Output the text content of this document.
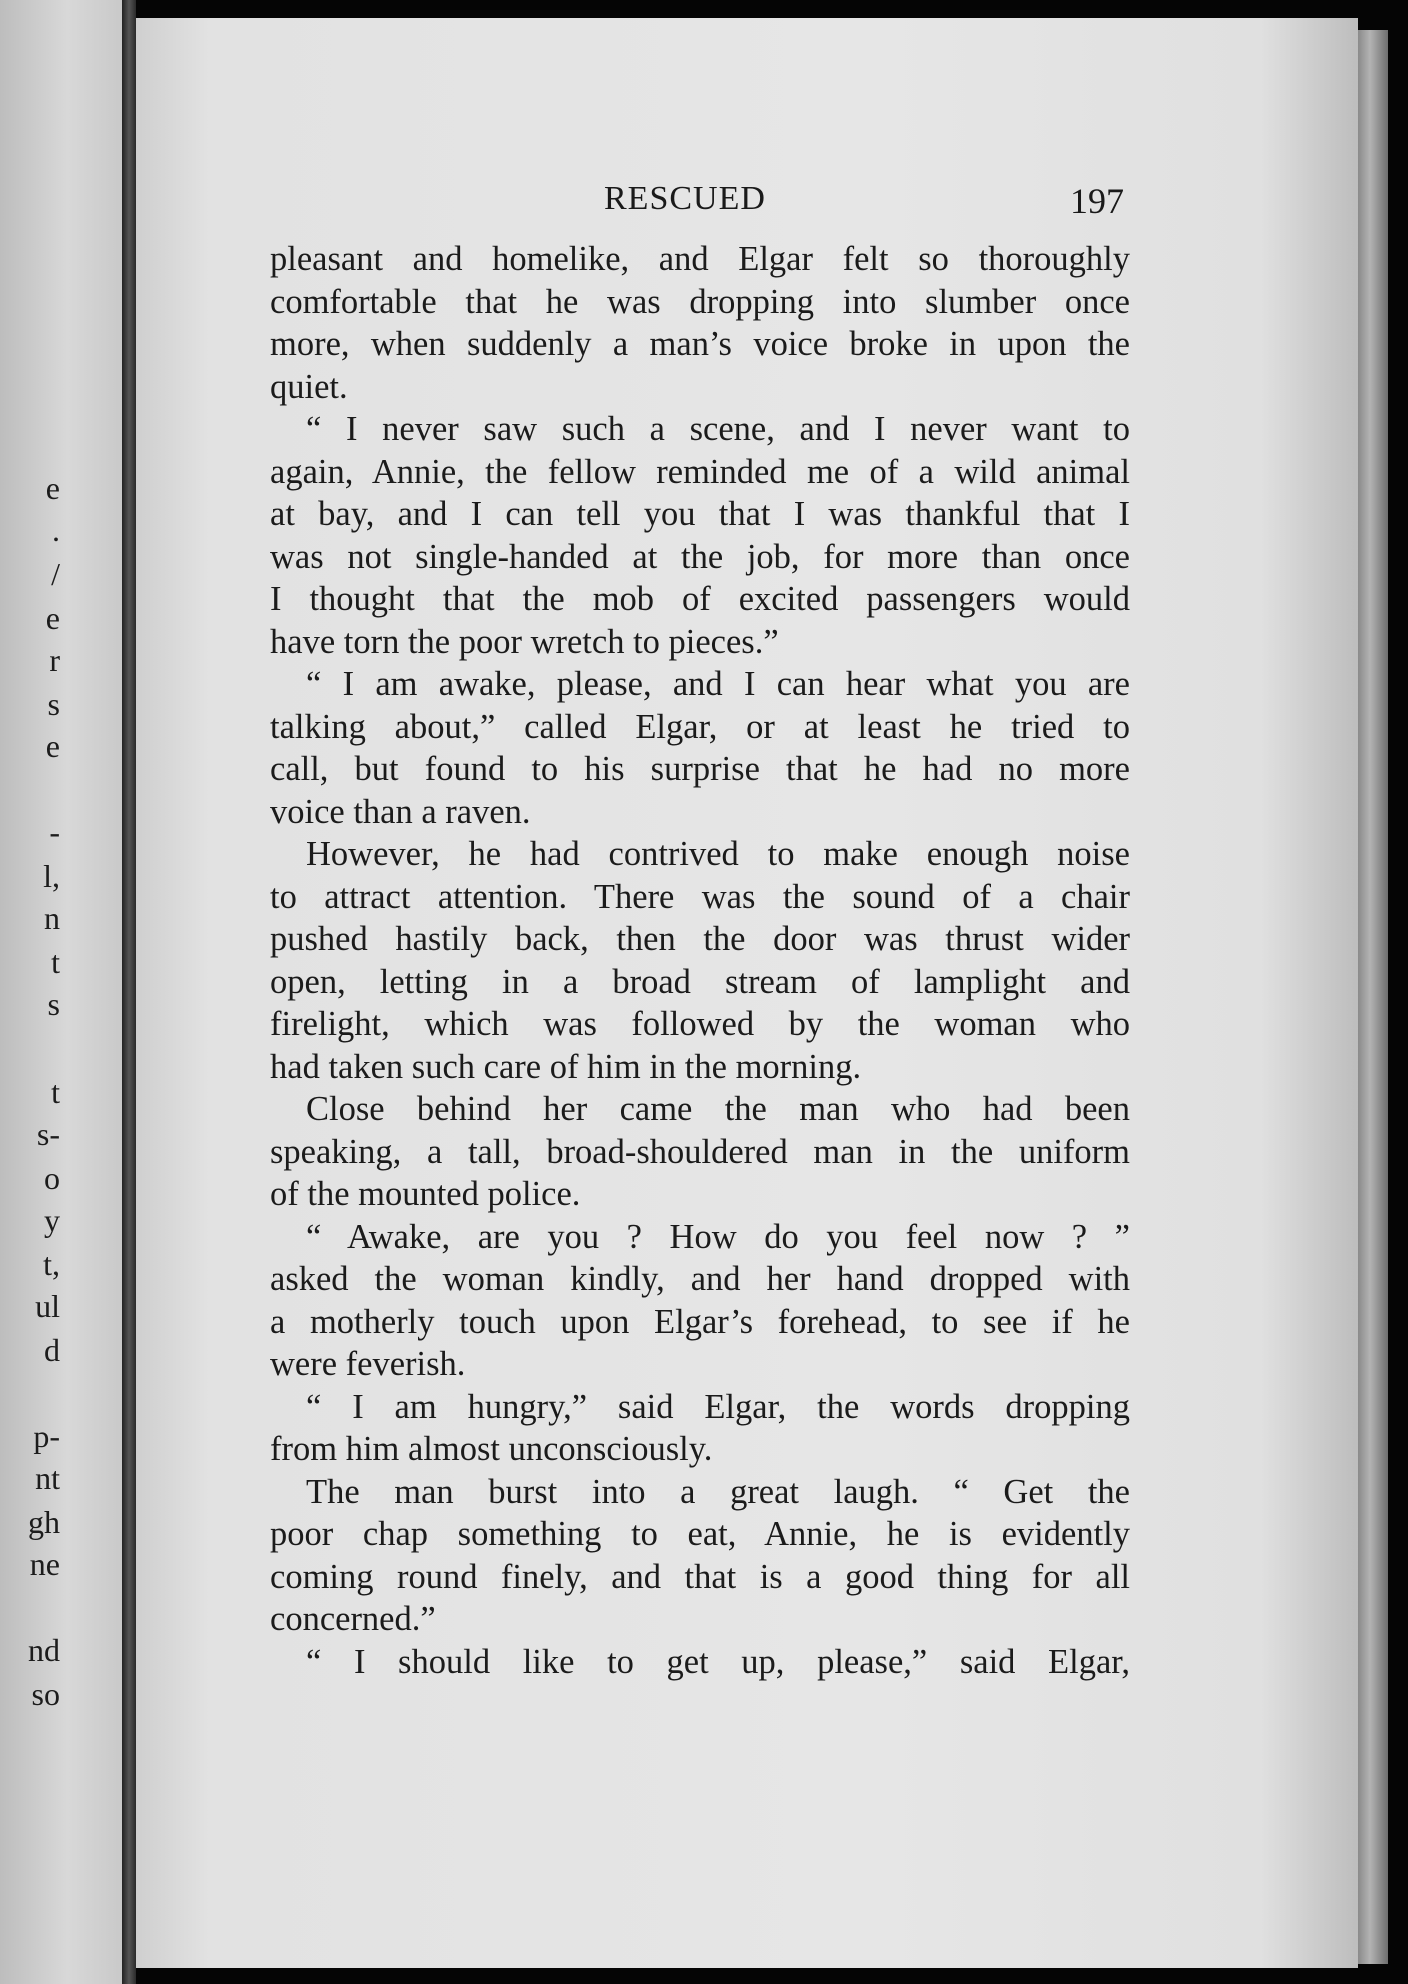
e
.
/
e
r
s
e
-
l,
n
t
s
t
s-
o
y
t,
ul
d
p-
nt
gh
ne
nd
so
RESCUED	197
pleasant and homelike, and Elgar felt so thoroughly
comfortable that he was dropping into slumber once
more, when suddenly a man’s voice broke in upon the
quiet.
“ I never saw such a scene, and I never want to
again, Annie, the fellow reminded me of a wild animal
at bay, and I can tell you that I was thankful that I
was not single-handed at the job, for more than once
I thought that the mob of excited passengers would
have torn the poor wretch to pieces.”
“ I am awake, please, and I can hear what you are
talking about,” called Elgar, or at least he tried to
call, but found to his surprise that he had no more
voice than a raven.
However, he had contrived to make enough noise
to attract attention. There was the sound of a chair
pushed hastily back, then the door was thrust wider
open, letting in a broad stream of lamplight and
firelight, which was followed by the woman who
had taken such care of him in the morning.
Close behind her came the man who had been
speaking, a tall, broad-shouldered man in the uniform
of the mounted police.
“ Awake, are you ? How do you feel now ? ”
asked the woman kindly, and her hand dropped with
a motherly touch upon Elgar’s forehead, to see if he
were feverish.
“ I am hungry,” said Elgar, the words dropping
from him almost unconsciously.
The man burst into a great laugh. “ Get the
poor chap something to eat, Annie, he is evidently
coming round finely, and that is a good thing for all
concerned.”
“ I should like to get up, please,” said Elgar,
